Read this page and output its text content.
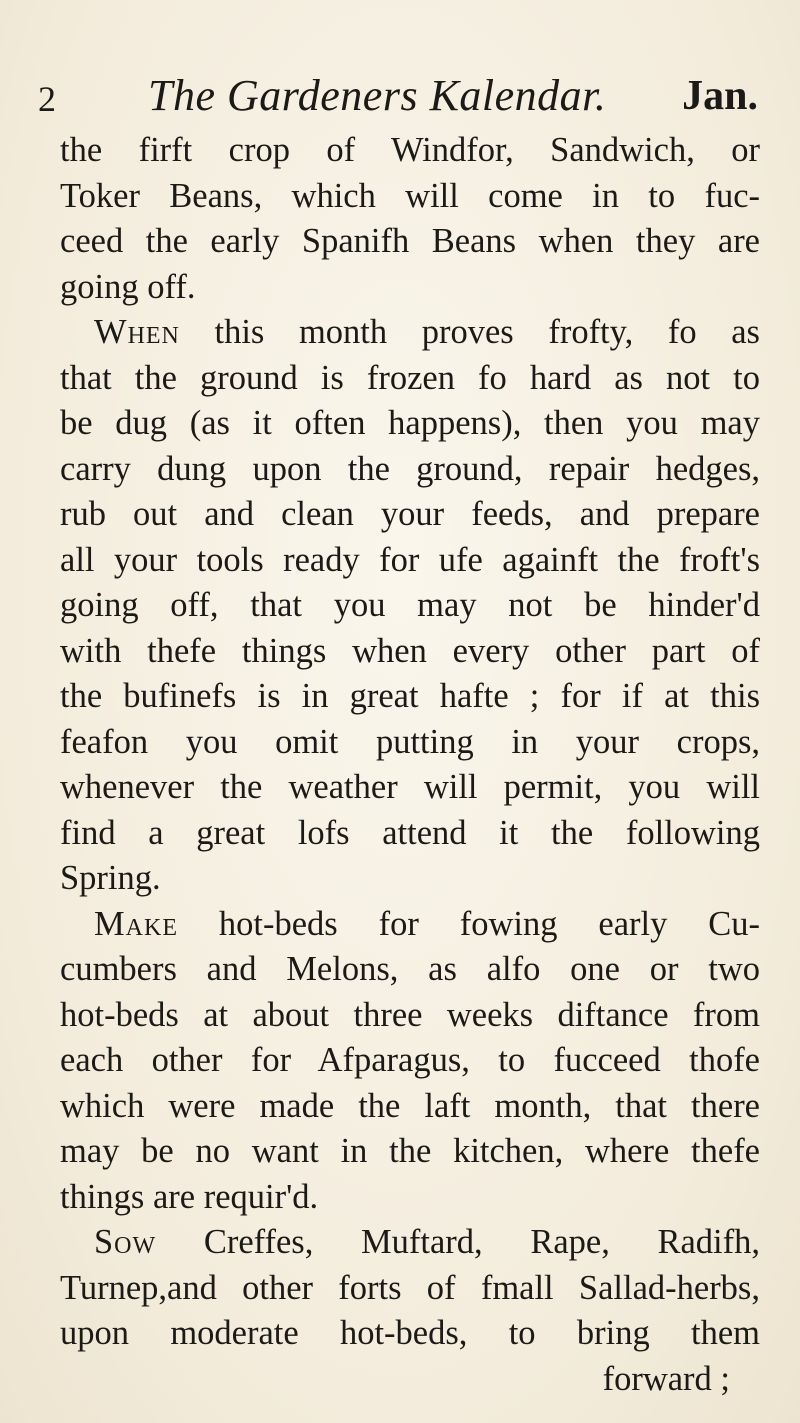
2 The Gardeners Kalendar. Jan.
the firft crop of Windfor, Sandwich, or
Toker Beans, which will come in to fuc-
ceed the early Spanifh Beans when they are
going off.
When this month proves frofty, fo as
that the ground is frozen fo hard as not to
be dug (as it often happens), then you may
carry dung upon the ground, repair hedges,
rub out and clean your feeds, and prepare
all your tools ready for ufe againft the froft's
going off, that you may not be hinder'd
with thefe things when every other part of
the bufinefs is in great hafte ; for if at this
feafon you omit putting in your crops,
whenever the weather will permit, you will
find a great lofs attend it the following
Spring.
Make hot-beds for fowing early Cu-
cumbers and Melons, as alfo one or two
hot-beds at about three weeks diftance from
each other for Afparagus, to fucceed thofe
which were made the laft month, that there
may be no want in the kitchen, where thefe
things are requir'd.
Sow Creffes, Muftard, Rape, Radifh,
Turnep,and other forts of fmall Sallad-herbs,
upon moderate hot-beds, to bring them
forward ;
